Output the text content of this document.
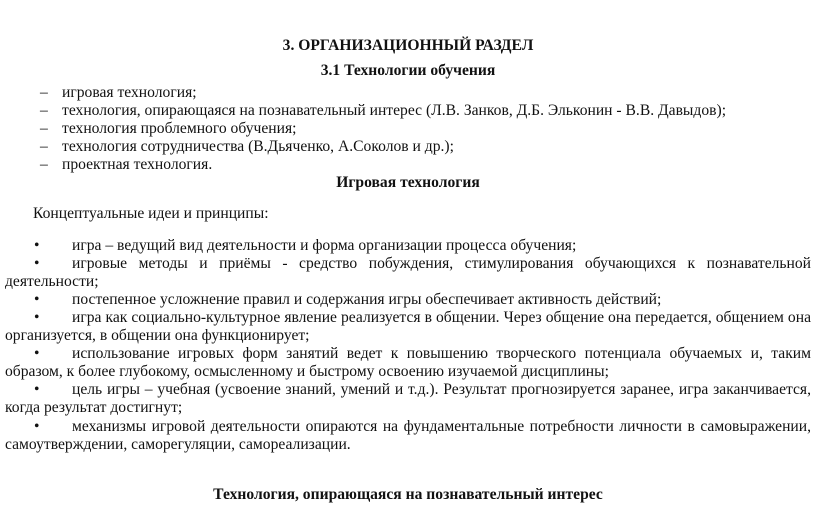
3. ОРГАНИЗАЦИОННЫЙ РАЗДЕЛ
3.1 Технологии обучения
– игровая технология;
– технология, опирающаяся на познавательный интерес (Л.В. Занков, Д.Б. Эльконин - В.В. Давыдов);
– технология проблемного обучения;
– технология сотрудничества (В.Дьяченко, А.Соколов и др.);
– проектная технология.
Игровая технология
Концептуальные идеи и принципы:
• игра – ведущий вид деятельности и форма организации процесса обучения;
• игровые методы и приёмы - средство побуждения, стимулирования обучающихся к познавательной
деятельности;
• постепенное усложнение правил и содержания игры обеспечивает активность действий;
• игра как социально-культурное явление реализуется в общении. Через общение она передается, общением она
организуется, в общении она функционирует;
• использование игровых форм занятий ведет к повышению творческого потенциала обучаемых и, таким
образом, к более глубокому, осмысленному и быстрому освоению изучаемой дисциплины;
• цель игры – учебная (усвоение знаний, умений и т.д.). Результат прогнозируется заранее, игра заканчивается,
когда результат достигнут;
• механизмы игровой деятельности опираются на фундаментальные потребности личности в самовыражении,
самоутверждении, саморегуляции, самореализации.
Технология, опирающаяся на познавательный интерес
